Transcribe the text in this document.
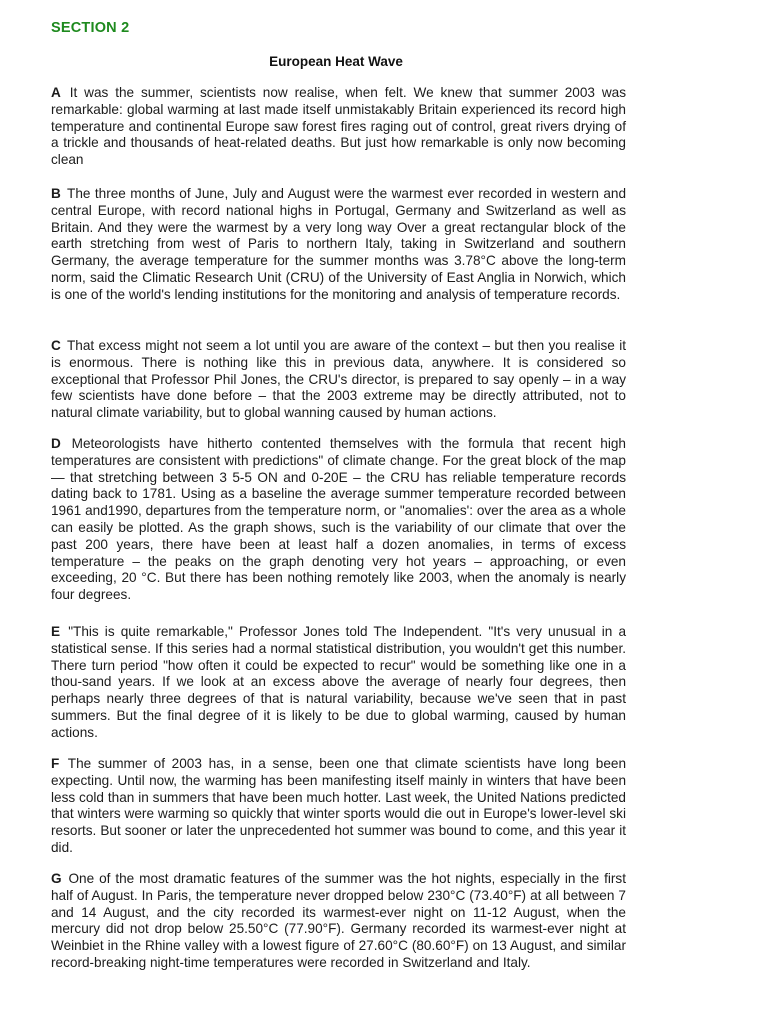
SECTION 2
European Heat Wave

A It was the summer, scientists now realise, when felt. We knew that summer 2003 was remarkable: global warming at last made itself unmistakably Britain experienced its record high temperature and continental Europe saw forest fires raging out of control, great rivers drying of a trickle and thousands of heat-related deaths. But just how remarkable is only now becoming clean

B The three months of June, July and August were the warmest ever recorded in western and central Europe, with record national highs in Portugal, Germany and Switzerland as well as Britain. And they were the warmest by a very long way Over a great rectangular block of the earth stretching from west of Paris to northern Italy, taking in Switzerland and southern Germany, the average temperature for the summer months was 3.78°C above the long-term norm, said the Climatic Research Unit (CRU) of the University of East Anglia in Norwich, which is one of the world's lending institutions for the monitoring and analysis of temperature records.

C That excess might not seem a lot until you are aware of the context – but then you realise it is enormous. There is nothing like this in previous data, anywhere. It is considered so exceptional that Professor Phil Jones, the CRU's director, is prepared to say openly – in a way few scientists have done before – that the 2003 extreme may be directly attributed, not to natural climate variability, but to global wanning caused by human actions.

D Meteorologists have hitherto contented themselves with the formula that recent high temperatures are consistent with predictions" of climate change. For the great block of the map — that stretching between 3 5-5 ON and 0-20E – the CRU has reliable temperature records dating back to 1781. Using as a baseline the average summer temperature recorded between 1961 and1990, departures from the temperature norm, or "anomalies': over the area as a whole can easily be plotted. As the graph shows, such is the variability of our climate that over the past 200 years, there have been at least half a dozen anomalies, in terms of excess temperature – the peaks on the graph denoting very hot years – approaching, or even exceeding, 20 °C. But there has been nothing remotely like 2003, when the anomaly is nearly four degrees.

E "This is quite remarkable," Professor Jones told The Independent. "It's very unusual in a statistical sense. If this series had a normal statistical distribution, you wouldn't get this number. There turn period "how often it could be expected to recur" would be something like one in a thou-sand years. If we look at an excess above the average of nearly four degrees, then perhaps nearly three degrees of that is natural variability, because we've seen that in past summers. But the final degree of it is likely to be due to global warming, caused by human actions.

F The summer of 2003 has, in a sense, been one that climate scientists have long been expecting. Until now, the warming has been manifesting itself mainly in winters that have been less cold than in summers that have been much hotter. Last week, the United Nations predicted that winters were warming so quickly that winter sports would die out in Europe's lower-level ski resorts. But sooner or later the unprecedented hot summer was bound to come, and this year it did.

G One of the most dramatic features of the summer was the hot nights, especially in the first half of August. In Paris, the temperature never dropped below 230°C (73.40°F) at all between 7 and 14 August, and the city recorded its warmest-ever night on 11-12 August, when the mercury did not drop below 25.50°C (77.90°F). Germany recorded its warmest-ever night at Weinbiet in the Rhine valley with a lowest figure of 27.60°C (80.60°F) on 13 August, and similar record-breaking night-time temperatures were recorded in Switzerland and Italy.
